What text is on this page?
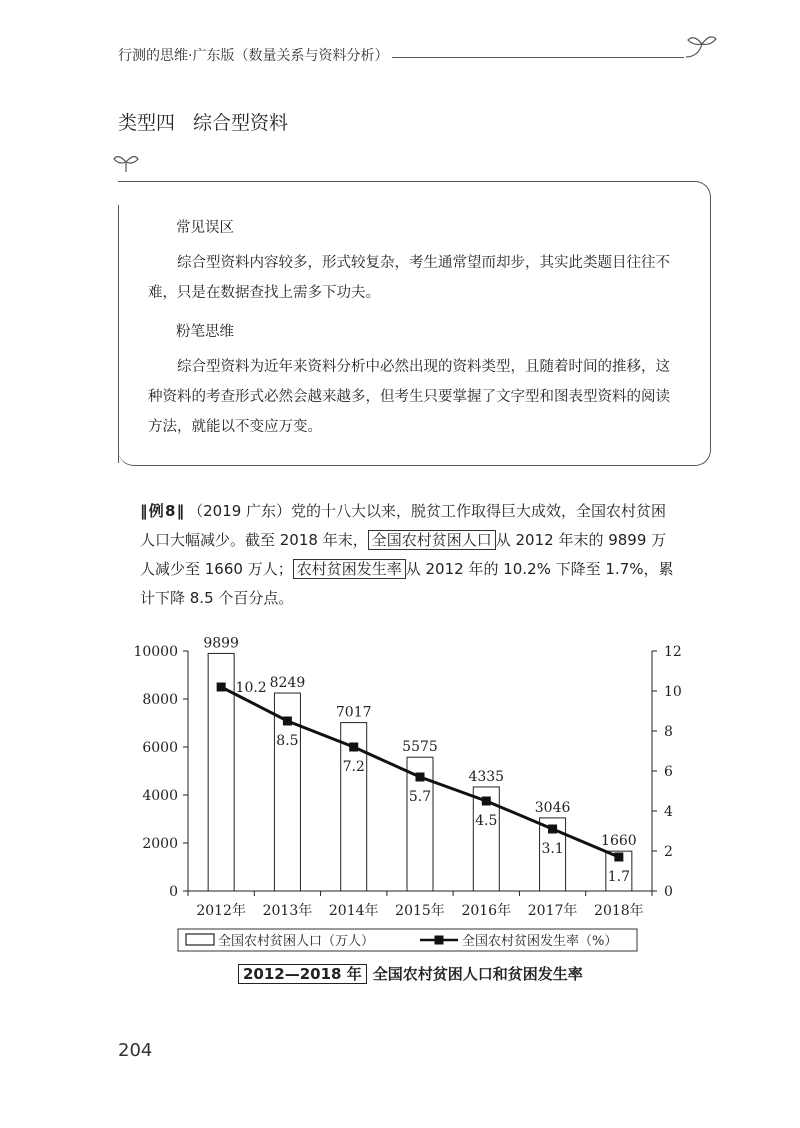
行测的思维·广东版（数量关系与资料分析）
类型四 综合型资料
常见误区
综合型资料内容较多，形式较复杂，考生通常望而却步，其实此类题目往往不难，只是在数据查找上需多下功夫。
粉笔思维
综合型资料为近年来资料分析中必然出现的资料类型，且随着时间的推移，这种资料的考查形式必然会越来越多，但考生只要掌握了文字型和图表型资料的阅读方法，就能以不变应万变。
‖ 例 8 ‖ （2019 广东）党的十八大以来，脱贫工作取得巨大成效，全国农村贫困人口大幅减少。截至 2018 年末， 全国农村贫困人口 从 2012 年末的 9899 万人减少至 1660 万人； 农村贫困发生率 从 2012 年的 10.2% 下降至 1.7%，累计下降 8.5 个百分点。
0
2000
4000
6000
8000
10000
0
2
4
6
8
10
12
2012年 2013年 2014年 2015年 2016年 2017年 2018年
9899
8249
7017
5575
4335
3046
1660
10.2
8.5
7.2
5.7
4.5
3.1
1.7
全国农村贫困人口（万人）	全国农村贫困发生率（%）
2012—2018 年 全国农村贫困人口和贫困发生率
204
